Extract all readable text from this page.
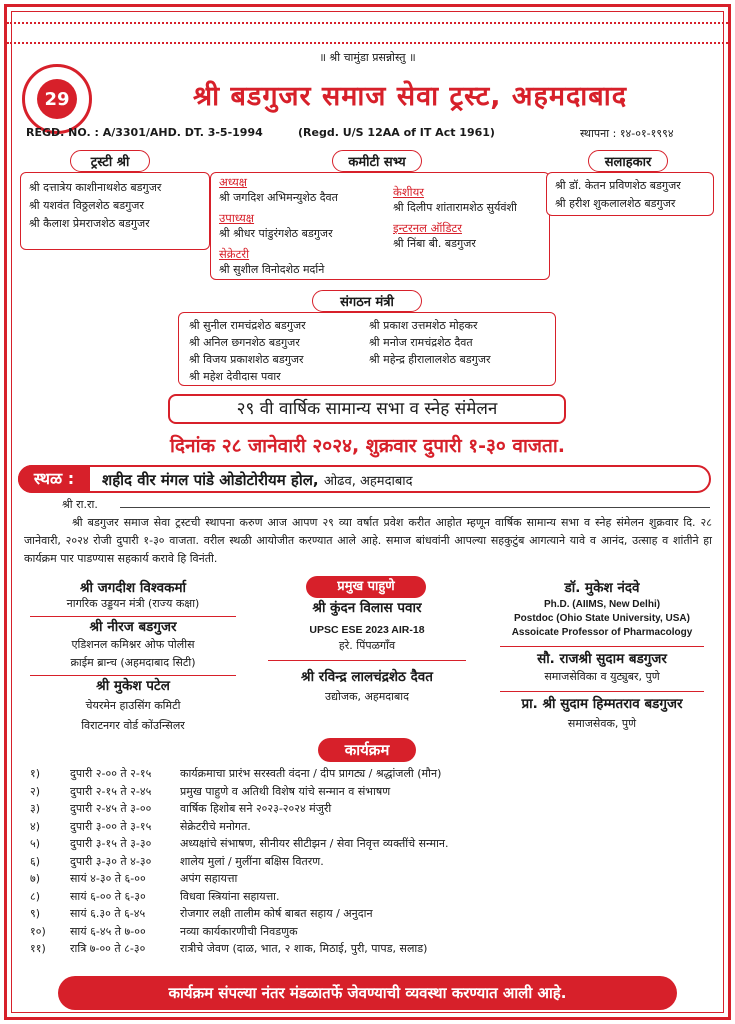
॥ श्री चामुंडा प्रसन्नोस्तु ॥
29	श्री बडगुजर समाज सेवा ट्रस्ट, अहमदाबाद
REGD. NO. : A/3301/AHD. DT. 3-5-1994	(Regd. U/S 12AA of IT Act 1961)	स्थापना : १४-०१-१९९४
श्री दत्तात्रेय काशीनाथशेठ बडगुजर
श्री यशवंत विठ्ठलशेठ बडगुजर
श्री कैलाश प्रेमराजशेठ बडगुजर
ट्रस्टी श्री
अध्यक्ष
श्री जगदिश अभिमन्युशेठ दैवत
उपाध्यक्ष
श्री श्रीधर पांडुरंगशेठ बडगुजर
सेक्रेटरी
श्री सुशील विनोदशेठ मर्दाने
केशीयर
श्री दिलीप शांतारामशेठ सुर्यवंशी
इन्टरनल ऑडिटर
श्री निंबा बी. बडगुजर
कमीटी सभ्य
श्री डॉ. केतन प्रविणशेठ बडगुजर
श्री हरीश शुकलालशेठ बडगुजर
सलाहकार
श्री सुनील रामचंद्रशेठ बडगुजर
श्री अनिल छगनशेठ बडगुजर
श्री विजय प्रकाशशेठ बडगुजर
श्री महेश देवीदास पवार
श्री प्रकाश उत्तमशेठ मोहकर
श्री मनोज रामचंद्रशेठ दैवत
श्री महेन्द्र हीरालालशेठ बडगुजर
संगठन मंत्री
२९ वी वार्षिक सामान्य सभा व स्नेह संमेलन
दिनांक २८ जानेवारी २०२४, शुक्रवार दुपारी १-३० वाजता.
स्थळ :	शहीद वीर मंगल पांडे ओडोटोरीयम होल, ओढव, अहमदाबाद
श्री रा.रा.
श्री बडगुजर समाज सेवा ट्रस्टची स्थापना करुण आज आपण २९ व्या वर्षात प्रवेश करीत आहोत म्हणून वार्षिक सामान्य सभा व स्नेह संमेलन शुक्रवार दि. २८ जानेवारी, २०२४ रोजी दुपारी १-३० वाजता. वरील स्थळी आयोजीत करण्यात आले आहे. समाज बांधवांनी आपल्या सहकुटुंब आगत्याने यावे व आनंद, उत्साह व शांतीने हा कार्यक्रम पार पाडण्यास सहकार्य करावे हि विनंती.
श्री जगदीश विश्वकर्मा
नागरिक उड्डयन मंत्री (राज्य कक्षा)
श्री नीरज बडगुजर
एडिशनल कमिश्नर ओफ पोलीस
क्राईम ब्रान्च (अहमदाबाद सिटी)
श्री मुकेश पटेल
चेयरमेन हाउसिंग कमिटी
विराटनगर वोर्ड कोंउन्सिलर
प्रमुख पाहुणे
श्री कुंदन विलास पवार
UPSC ESE 2023 AIR-18
हरे. पिंपळगाँव
श्री रविन्द्र लालचंद्रशेठ दैवत
उद्योजक, अहमदाबाद
डॉ. मुकेश नंदवे
Ph.D. (AIIMS, New Delhi)
Postdoc (Ohio State University, USA)
Assoicate Professor of Pharmacology
सौ. राजश्री सुदाम बडगुजर
समाजसेविका व युट्युबर, पुणे
प्रा. श्री सुदाम हिम्मतराव बडगुजर
समाजसेवक, पुणे
कार्यक्रम
१)	दुपारी २-०० ते २-१५	कार्यक्रमाचा प्रारंभ सरस्वती वंदना / दीप प्रागट्य / श्रद्धांजली (मौन)
२)	दुपारी २-१५ ते २-४५	प्रमुख पाहुणे व अतिथी विशेष यांचे सन्मान व संभाषण
३)	दुपारी २-४५ ते ३-००	वार्षिक हिशोब सने २०२३-२०२४ मंजुरी
४)	दुपारी ३-०० ते ३-१५	सेक्रेटरीचे मनोगत.
५)	दुपारी ३-१५ ते ३-३०	अध्यक्षांचे संभाषण, सीनीयर सीटीझन / सेवा निवृत्त व्यक्तींचे सन्मान.
६)	दुपारी ३-३० ते ४-३०	शालेय मुलां / मुलींना बक्षिस वितरण.
७)	सायं ४-३० ते ६-००	अपंग सहायत्ता
८)	सायं ६-०० ते ६-३०	विधवा स्त्रियांना सहायत्ता.
९)	सायं ६.३० ते ६-४५	रोजगार लक्षी तालीम कोर्ष बाबत सहाय / अनुदान
१०) सायं ६-४५ ते ७-००	नव्या कार्यकारणीची निवडणुक
११) रात्रि ७-०० ते ८-३०	रात्रीचे जेवण (दाळ, भात, २ शाक, मिठाई, पुरी, पापड, सलाड)
कार्यक्रम संपल्या नंतर मंडळातर्फे जेवण्याची व्यवस्था करण्यात आली आहे.
